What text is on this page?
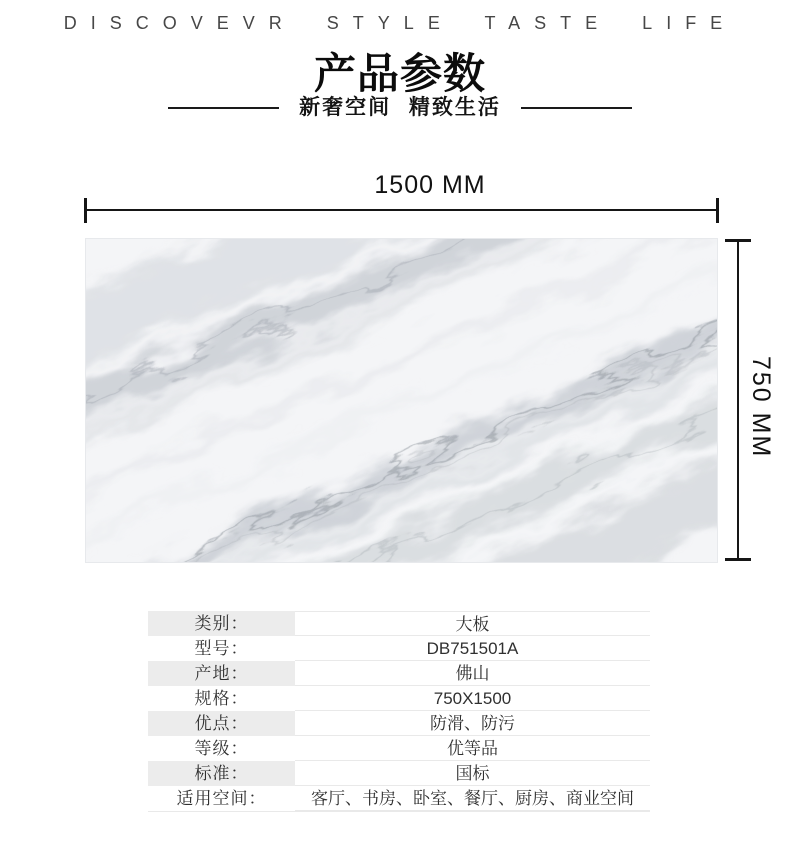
DISCOVEVR STYLE TASTE LIFE
产品参数
新奢空间 精致生活
1500 MM
750 MM
类别：	大板
型号：	DB751501A
产地：	佛山
规格：	750X1500
优点：	防滑、防污
等级：	优等品
标准：	国标
适用空间：	客厅、书房、卧室、餐厅、厨房、商业空间
